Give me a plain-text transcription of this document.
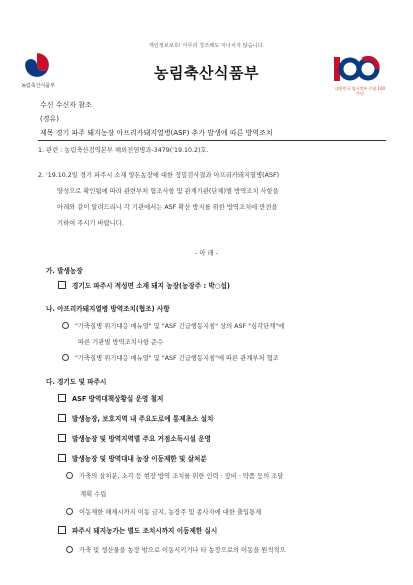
개인정보보호! 아무리 강조해도 지나치지 않습니다.
농림축산식품부
농림축산식품부
대한민국 임시정부 수립 100주년
수신 수신자 참조
(경유)
제목 경기 파주 돼지농장 아프리카돼지열병(ASF) 추가 발생에 따른 방역조치
1. 관련 : 농림축산검역본부 해외전염병과-3479('19.10.2)호.
2. '19.10.2일 경기 파주시 소재 양돈농장에 대한 정밀검사결과 아프리카돼지열병(ASF)
양성으로 확인됨에 따라 관련부처 협조사항 및 관계기관(단체)별 방역조치 사항을
아래와 같이 알려드리니 각 기관에서는 ASF 확산 방지를 위한 방역조치에 만전을
기하여 주시기 바랍니다.
- 아 래 -
가. 발생농장
경기도 파주시 적성면 소재 돼지 농장(농장주 : 박○섭)
나. 아프리카돼지열병 방역조치(협조) 사항
"가축질병 위기대응 매뉴얼" 및 "ASF 긴급행동지침" 상의 ASF "심각단계"에
따른 기관별 방역조치사항 준수
"가축질병 위기대응 매뉴얼" 및 "ASF 긴급행동지침"에 따른 관계부처 협조
다. 경기도 및 파주시
ASF 방역대책상황실 운영 철저
발생농장, 보호지역 내 주요도로에 통제초소 설치
발생농장 및 방역지역별 주요 거점소독시설 운영
발생농장 및 방역대내 농장 이동제한 및 살처분
가축의 살처분, 소각 등 현장 방역 조치를 위한 인력 · 장비 · 약품 등의 조달
계획 수립
이동제한 해제시까지 이동 금지, 농장주 및 종사자에 대한 출입통제
파주시 돼지농가는 별도 조치시까지 이동제한 실시
가축 및 생산물을 농장 밖으로 이동시키거나 타 농장으로의 이동을 원칙적으
